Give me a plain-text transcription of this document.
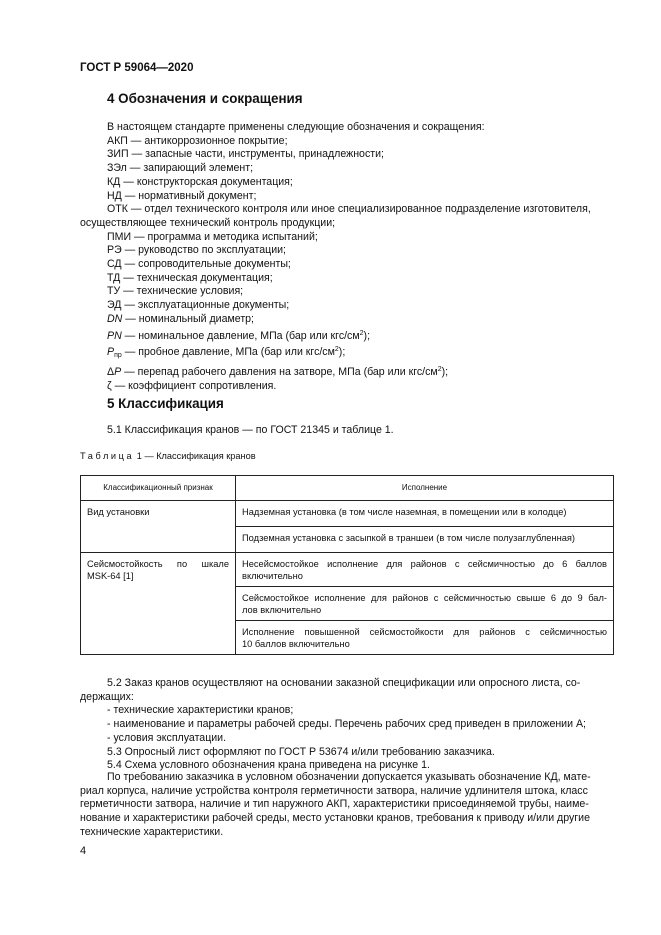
ГОСТ Р 59064—2020
4 Обозначения и сокращения
В настоящем стандарте применены следующие обозначения и сокращения:
АКП — антикоррозионное покрытие;
ЗИП — запасные части, инструменты, принадлежности;
ЗЭл — запирающий элемент;
КД — конструкторская документация;
НД — нормативный документ;
ОТК — отдел технического контроля или иное специализированное подразделение изготовителя,
осуществляющее технический контроль продукции;
ПМИ — программа и методика испытаний;
РЭ — руководство по эксплуатации;
СД — сопроводительные документы;
ТД — техническая документация;
ТУ — технические условия;
ЭД — эксплуатационные документы;
DN — номинальный диаметр;
PN — номинальное давление, МПа (бар или кгс/$см^2$);
$P_{пр}$ — пробное давление, МПа (бар или кгс/$см^2$);
ΔP — перепад рабочего давления на затворе, МПа (бар или кгс/$см^2$);
ζ — коэффициент сопротивления.
5 Классификация
5.1 Классификация кранов — по ГОСТ 21345 и таблице 1.
Таблица 1 — Классификация кранов
Классификационный признак	Исполнение
Вид установки	Надземная установка (в том числе наземная, в помещении или в колодце)

	Подземная установка с засыпкой в траншеи (в том числе полузаглубленная)

Сейсмостойкость по шкале MSK-64 [1]	Несейсмостойкое исполнение для районов с сейсмичностью до 6 баллов
включительно

	Сейсмостойкое исполнение для районов с сейсмичностью свыше 6 до 9 бал-
лов включительно

	Исполнение повышенной сейсмостойкости для районов с сейсмичностью
10 баллов включительно
5.2 Заказ кранов осуществляют на основании заказной спецификации или опросного листа, со-
держащих:
- технические характеристики кранов;
- наименование и параметры рабочей среды. Перечень рабочих сред приведен в приложении А;
- условия эксплуатации.
5.3 Опросный лист оформляют по ГОСТ Р 53674 и/или требованию заказчика.
5.4 Схема условного обозначения крана приведена на рисунке 1.
По требованию заказчика в условном обозначении допускается указывать обозначение КД, мате-
риал корпуса, наличие устройства контроля герметичности затвора, наличие удлинителя штока, класс
герметичности затвора, наличие и тип наружного АКП, характеристики присоединяемой трубы, наиме-
нование и характеристики рабочей среды, место установки кранов, требования к приводу и/или другие
технические характеристики.
4
